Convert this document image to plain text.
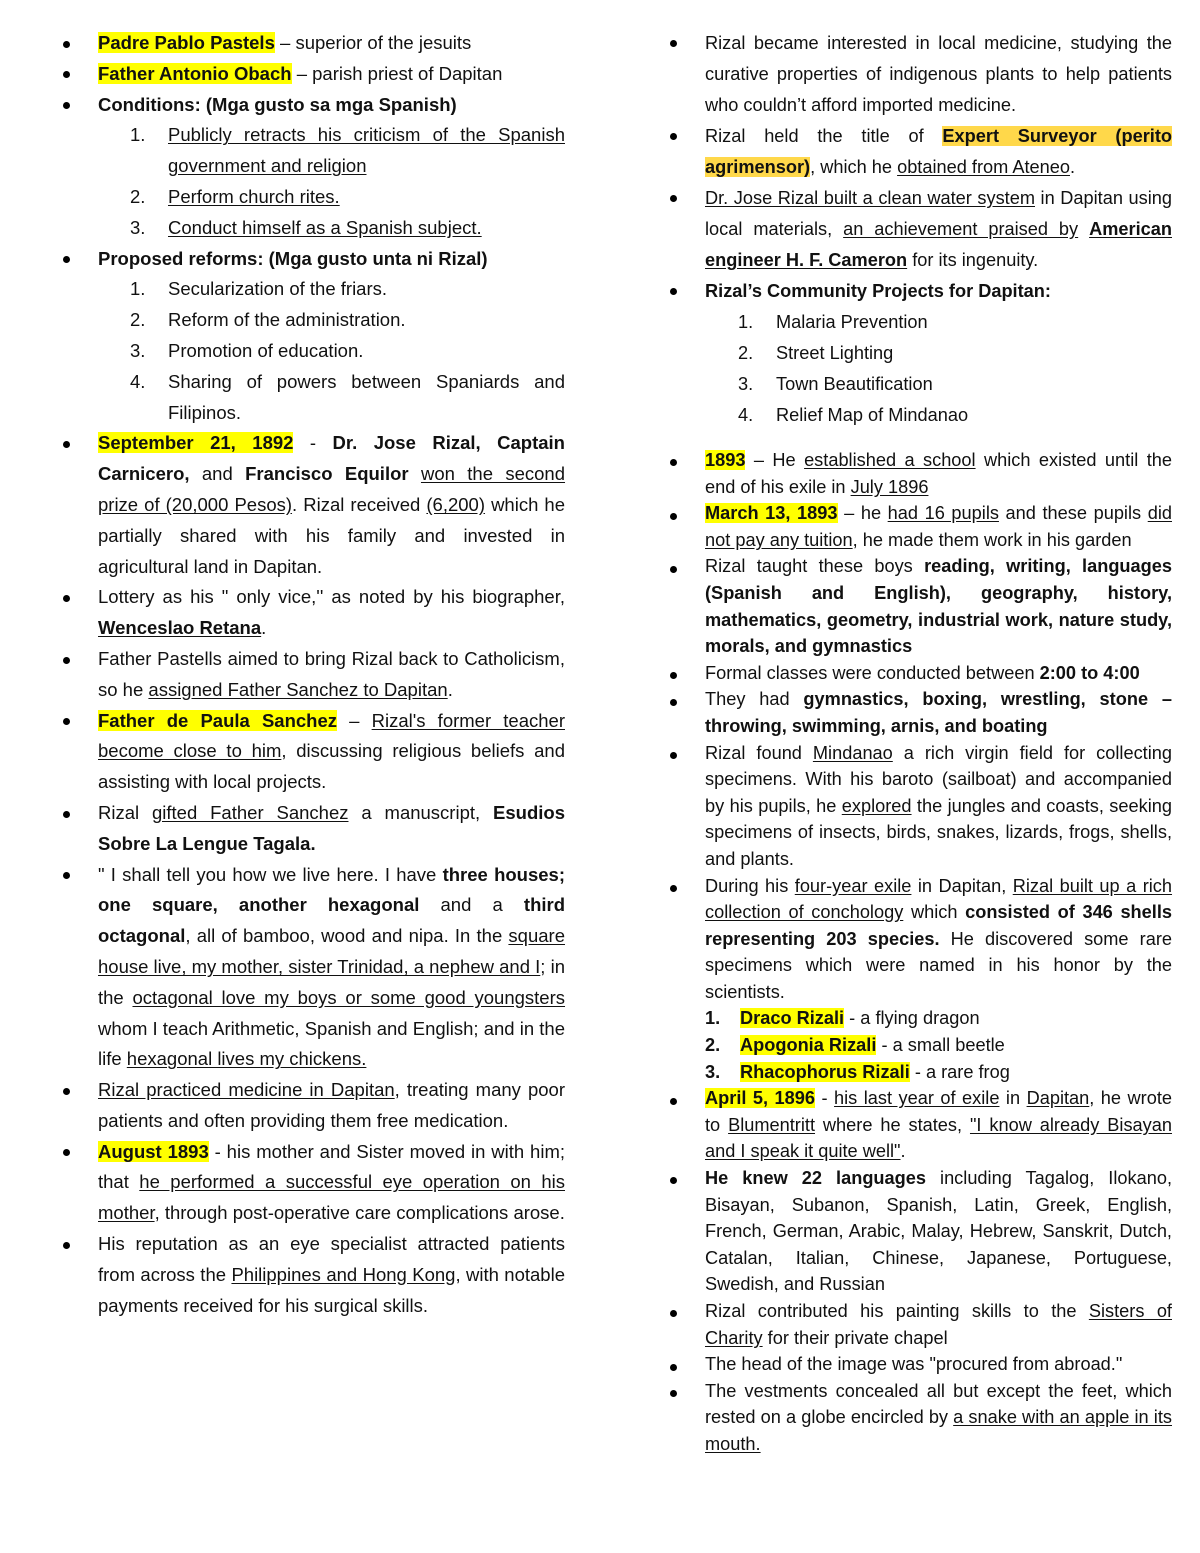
Padre Pablo Pastels – superior of the jesuits
Father Antonio Obach – parish priest of Dapitan
Conditions: (Mga gusto sa mga Spanish)
1. Publicly retracts his criticism of the Spanish government and religion
2. Perform church rites.
3. Conduct himself as a Spanish subject.
Proposed reforms: (Mga gusto unta ni Rizal)
1. Secularization of the friars.
2. Reform of the administration.
3. Promotion of education.
4. Sharing of powers between Spaniards and Filipinos.
September 21, 1892 - Dr. Jose Rizal, Captain Carnicero, and Francisco Equilor won the second prize of (20,000 Pesos). Rizal received (6,200) which he partially shared with his family and invested in agricultural land in Dapitan.
Lottery as his " only vice,'' as noted by his biographer, Wenceslao Retana.
Father Pastells aimed to bring Rizal back to Catholicism, so he assigned Father Sanchez to Dapitan.
Father de Paula Sanchez – Rizal's former teacher become close to him, discussing religious beliefs and assisting with local projects.
Rizal gifted Father Sanchez a manuscript, Esudios Sobre La Lengue Tagala.
" I shall tell you how we live here. I have three houses; one square, another hexagonal and a third octagonal, all of bamboo, wood and nipa. In the square house live, my mother, sister Trinidad, a nephew and I; in the octagonal love my boys or some good youngsters whom I teach Arithmetic, Spanish and English; and in the life hexagonal lives my chickens.
Rizal practiced medicine in Dapitan, treating many poor patients and often providing them free medication.
August 1893 - his mother and Sister moved in with him; that he performed a successful eye operation on his mother, through post-operative care complications arose.
His reputation as an eye specialist attracted patients from across the Philippines and Hong Kong, with notable payments received for his surgical skills.
Rizal became interested in local medicine, studying the curative properties of indigenous plants to help patients who couldn’t afford imported medicine.
Rizal held the title of Expert Surveyor (perito agrimensor), which he obtained from Ateneo.
Dr. Jose Rizal built a clean water system in Dapitan using local materials, an achievement praised by American engineer H. F. Cameron for its ingenuity.
Rizal’s Community Projects for Dapitan:
1. Malaria Prevention
2. Street Lighting
3. Town Beautification
4. Relief Map of Mindanao
1893 – He established a school which existed until the end of his exile in July 1896
March 13, 1893 – he had 16 pupils and these pupils did not pay any tuition, he made them work in his garden
Rizal taught these boys reading, writing, languages (Spanish and English), geography, history, mathematics, geometry, industrial work, nature study, morals, and gymnastics
Formal classes were conducted between 2:00 to 4:00
They had gymnastics, boxing, wrestling, stone – throwing, swimming, arnis, and boating
Rizal found Mindanao a rich virgin field for collecting specimens. With his baroto (sailboat) and accompanied by his pupils, he explored the jungles and coasts, seeking specimens of insects, birds, snakes, lizards, frogs, shells, and plants.
During his four-year exile in Dapitan, Rizal built up a rich collection of conchology which consisted of 346 shells representing 203 species. He discovered some rare specimens which were named in his honor by the scientists.
1. Draco Rizali - a flying dragon
2. Apogonia Rizali - a small beetle
3. Rhacophorus Rizali - a rare frog
April 5, 1896 - his last year of exile in Dapitan, he wrote to Blumentritt where he states, "I know already Bisayan and I speak it quite well".
He knew 22 languages including Tagalog, Ilokano, Bisayan, Subanon, Spanish, Latin, Greek, English, French, German, Arabic, Malay, Hebrew, Sanskrit, Dutch, Catalan, Italian, Chinese, Japanese, Portuguese, Swedish, and Russian
Rizal contributed his painting skills to the Sisters of Charity for their private chapel
The head of the image was "procured from abroad."
The vestments concealed all but except the feet, which rested on a globe encircled by a snake with an apple in its mouth.
